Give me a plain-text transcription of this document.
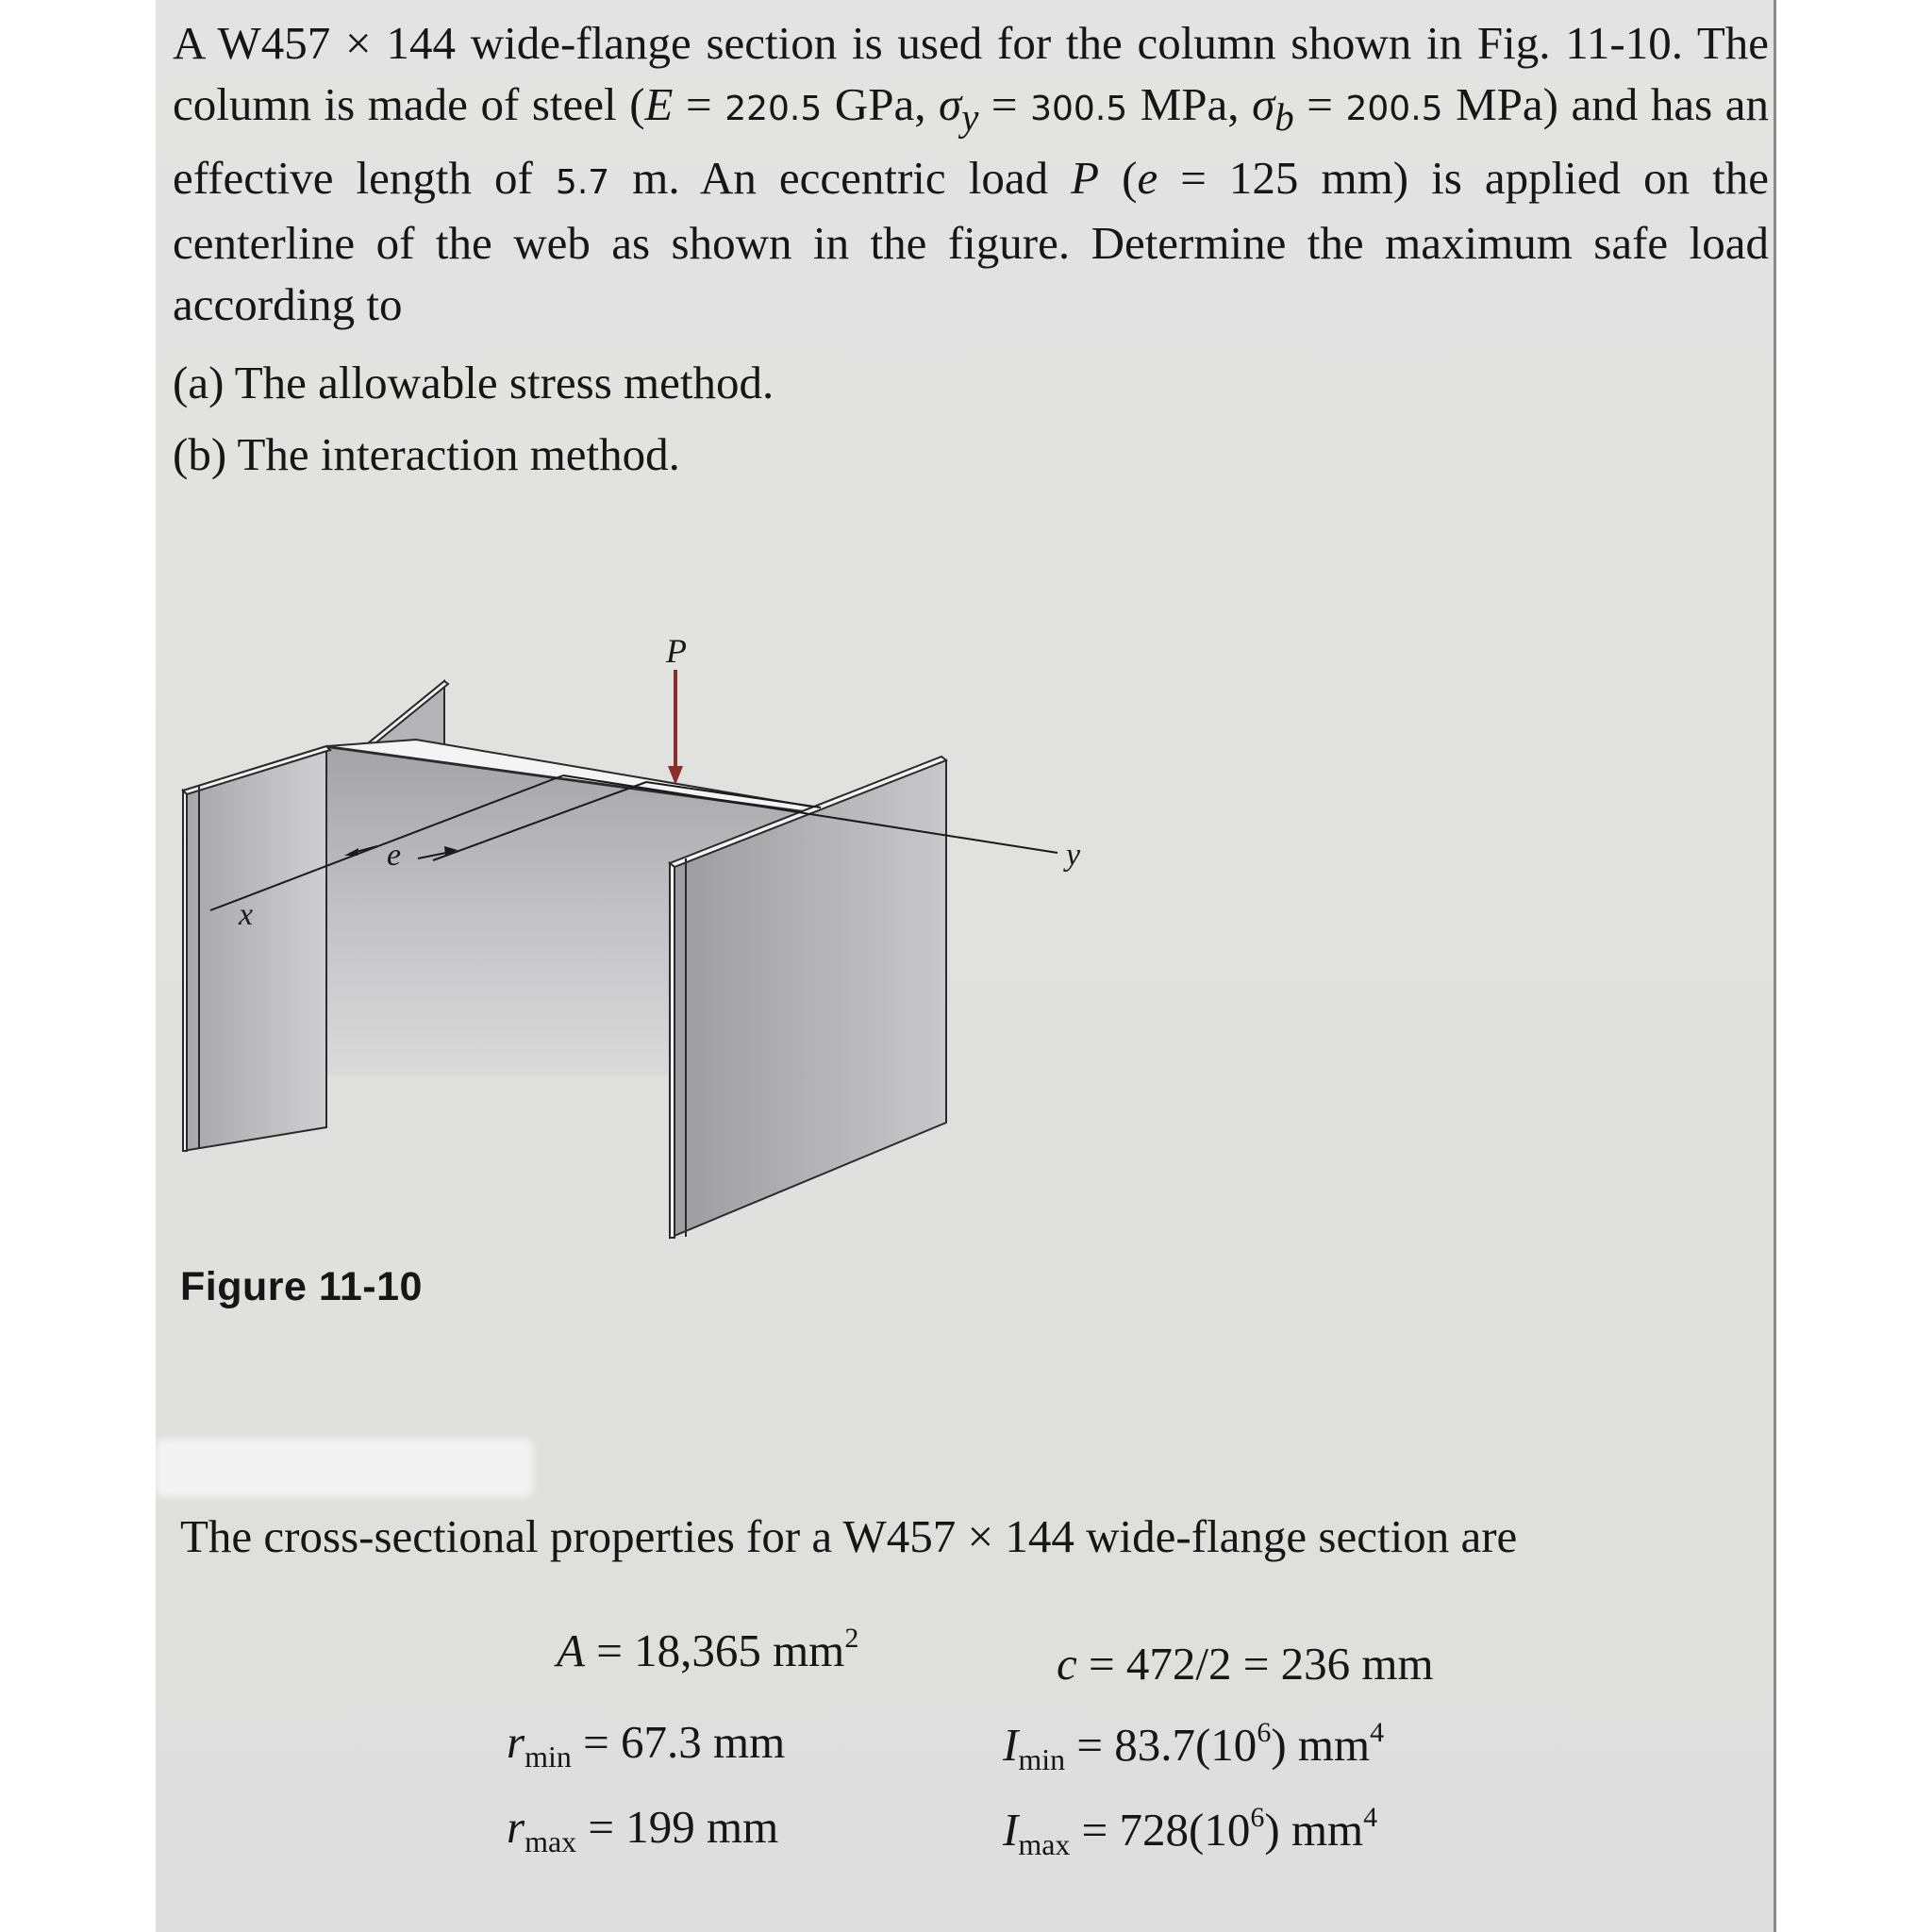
A W457 × 144 wide-flange section is used for the column shown in Fig. 11-10. The column is made of steel (E = 220.5 GPa, $\sigma_y = 300.5$ MPa, $\sigma_b = 200.5$ MPa) and has an effective length of 5.7 m. An eccentric load P (e = 125 mm) is applied on the centerline of the web as shown in the figure. Determine the maximum safe load according to
(a) The allowable stress method.
(b) The interaction method.
P
e
x
y
Figure 11-10
The cross-sectional properties for a W457 × 144 wide-flange section are
A = 18,365 $mm^2$	c = 472/2 = 236 mm
$r_{min} = 67.3$ mm	$I_{min} = 83.7(10^6)$ $mm^4$
$r_{max} = 199$ mm	$I_{max} = 728(10^6)$ $mm^4$
